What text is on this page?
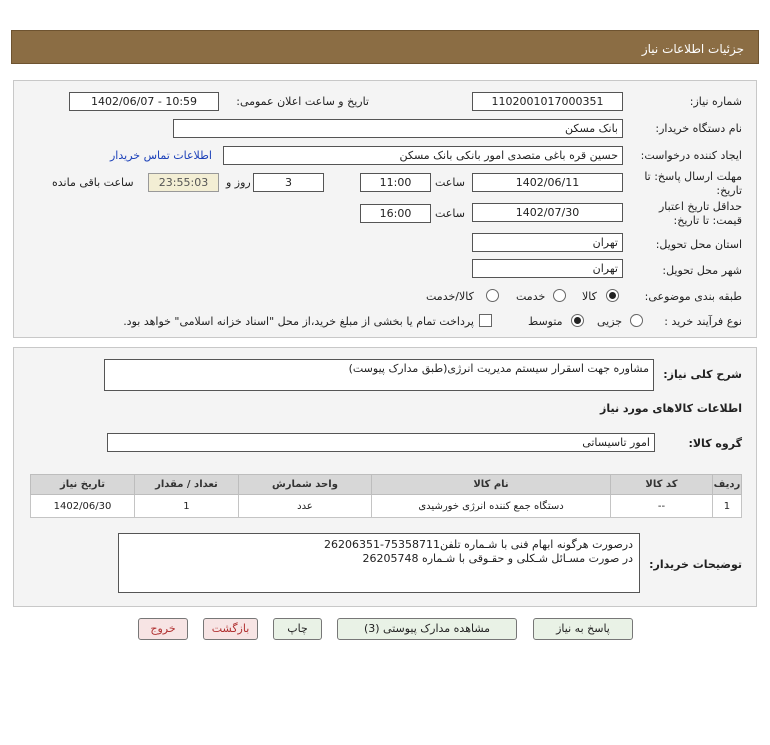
جزئیات اطلاعات نیاز
شماره نیاز:
1102001017000351
تاریخ و ساعت اعلان عمومی:
1402/06/07 - 10:59
نام دستگاه خریدار:
بانک مسکن
ایجاد کننده درخواست:
حسین قره باغی متصدی امور بانکی بانک مسکن
اطلاعات تماس خریدار
مهلت ارسال پاسخ: تا
تاریخ:
1402/06/11
ساعت
11:00
3
روز و
23:55:03
ساعت باقی مانده
حداقل تاریخ اعتبار
قیمت: تا تاریخ:
1402/07/30
ساعت
16:00
استان محل تحویل:
تهران
شهر محل تحویل:
تهران
طبقه بندی موضوعی:
کالا
خدمت
کالا/خدمت
نوع فرآیند خرید :
جزیی
متوسط
پرداخت تمام یا بخشی از مبلغ خرید،از محل "اسناد خزانه اسلامی" خواهد بود.
شرح کلی نیاز:
مشاوره جهت اسقرار سیستم مدیریت انرژی(طبق مدارک پیوست)
اطلاعات کالاهای مورد نیاز
گروه کالا:
امور تاسیساتی
ردیف	کد کالا	نام کالا	واحد شمارش	تعداد / مقدار	تاریخ نیاز
1	--	دستگاه جمع کننده انرژی خورشیدی	عدد	1	1402/06/30
توضیحات خریدار:
درصورت هرگونه ابهام فنی با شـماره تلفن75358711-26206351
در صورت مسـائل شـکلی و حقـوقی با شـماره 26205748
پاسخ به نیاز
مشاهده مدارک پیوستی (3)
چاپ
بازگشت
خروج
